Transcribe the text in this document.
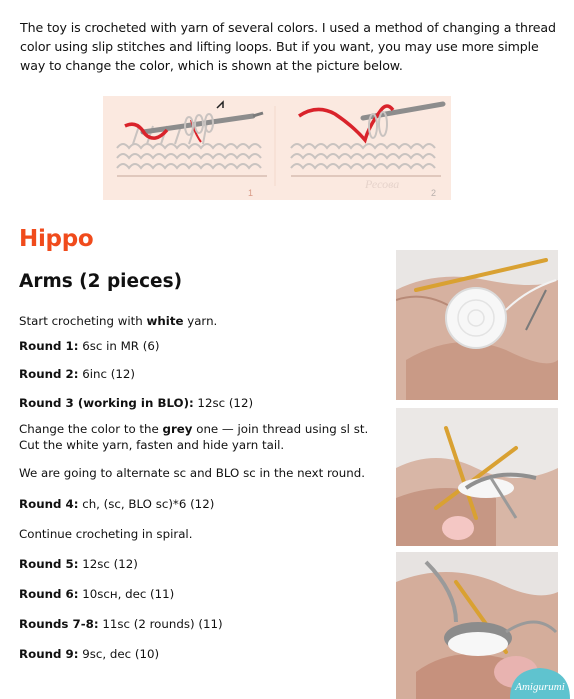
The toy is crocheted with yarn of several colors. I used a method of changing a thread color using slip stitches and lifting loops. But if you want, you may use more simple way to change the color, which is shown at the picture below.
1	2
Ресова
Hippo
Arms (2 pieces)
Start crocheting with white yarn.
Round 1: 6sc in MR (6)
Round 2: 6inc (12)
Round 3 (working in BLO): 12sc (12)
Change the color to the grey one — join thread using sl st.
Cut the white yarn, fasten and hide yarn tail.
We are going to alternate sc and BLO sc in the next round.
Round 4: ch, (sc, BLO sc)*6 (12)
Continue crocheting in spiral.
Round 5: 12sc (12)
Round 6: 10scн, dec (11)
Rounds 7-8: 11sc (2 rounds) (11)
Round 9: 9sc, dec (10)
Amigurumi
